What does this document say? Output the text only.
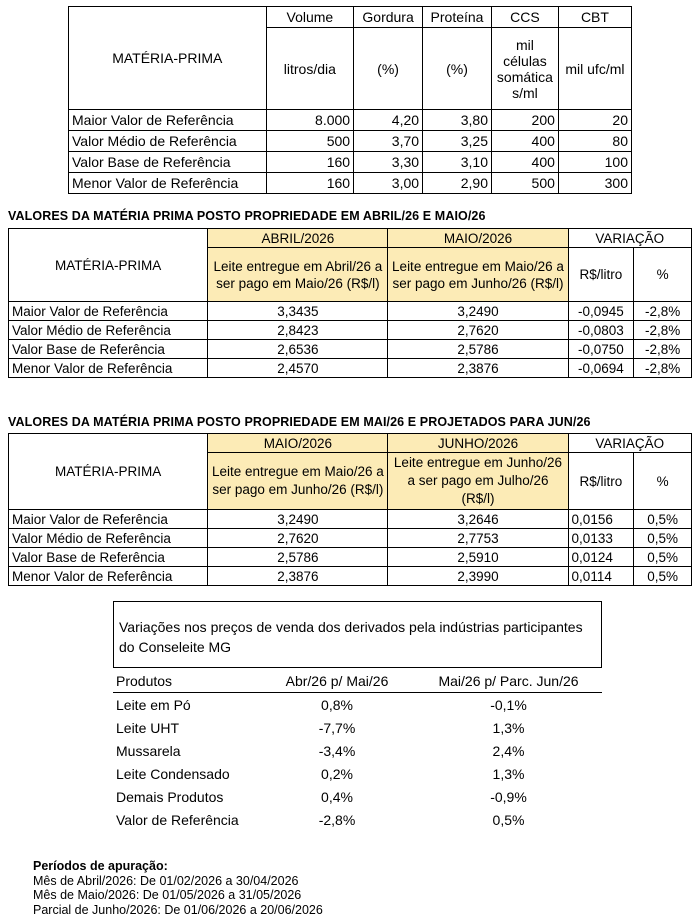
MATÉRIA-PRIMA	Volume	Gordura	Proteína	CCS	CBT
	litros/dia	(%)	(%)	mil células somática s/ml	mil ufc/ml
Maior Valor de Referência	8.000	4,20	3,80	200	20
Valor Médio de Referência	500	3,70	3,25	400	80
Valor Base de Referência	160	3,30	3,10	400	100
Menor Valor de Referência	160	3,00	2,90	500	300
VALORES DA MATÉRIA PRIMA POSTO PROPRIEDADE EM ABRIL/26 E MAIO/26
MATÉRIA-PRIMA	ABRIL/2026	MAIO/2026	VARIAÇÃO	
	Leite entregue em Abril/26 a ser pago em Maio/26 (R$/l)	Leite entregue em Maio/26 a ser pago em Junho/26 (R$/l)	R$/litro	%
Maior Valor de Referência	3,3435	3,2490	-0,0945	-2,8%
Valor Médio de Referência	2,8423	2,7620	-0,0803	-2,8%
Valor Base de Referência	2,6536	2,5786	-0,0750	-2,8%
Menor Valor de Referência	2,4570	2,3876	-0,0694	-2,8%
VALORES DA MATÉRIA PRIMA POSTO PROPRIEDADE EM MAI/26 E PROJETADOS PARA JUN/26
MATÉRIA-PRIMA	MAIO/2026	JUNHO/2026	VARIAÇÃO	
	Leite entregue em Maio/26 a ser pago em Junho/26 (R$/l)	Leite entregue em Junho/26 a ser pago em Julho/26 (R$/l)	R$/litro	%
Maior Valor de Referência	3,2490	3,2646	0,0156	0,5%
Valor Médio de Referência	2,7620	2,7753	0,0133	0,5%
Valor Base de Referência	2,5786	2,5910	0,0124	0,5%
Menor Valor de Referência	2,3876	2,3990	0,0114	0,5%
Variações nos preços de venda dos derivados pela indústrias participantes do Conseleite MG
Produtos	Abr/26 p/ Mai/26	Mai/26 p/ Parc. Jun/26
Leite em Pó	0,8%	-0,1%
Leite UHT	-7,7%	1,3%
Mussarela	-3,4%	2,4%
Leite Condensado	0,2%	1,3%
Demais Produtos	0,4%	-0,9%
Valor de Referência	-2,8%	0,5%
Períodos de apuração:
Mês de Abril/2026: De 01/02/2026 a 30/04/2026
Mês de Maio/2026: De 01/05/2026 a 31/05/2026
Parcial de Junho/2026: De 01/06/2026 a 20/06/2026
